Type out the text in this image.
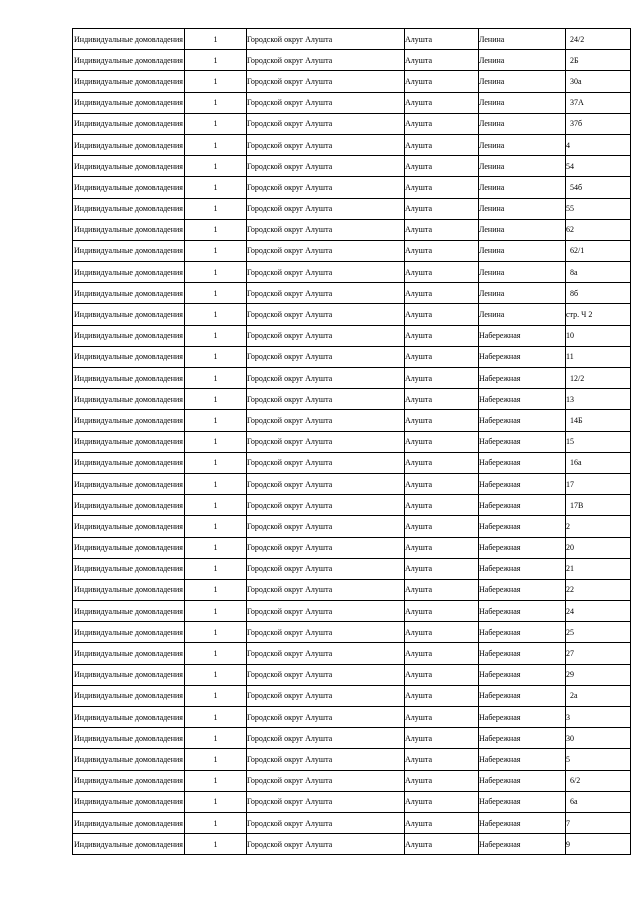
Индивидуальные домовладения	1	Городской округ Алушта	Алушта	Ленина	24/2
Индивидуальные домовладения	1	Городской округ Алушта	Алушта	Ленина	2Б
Индивидуальные домовладения	1	Городской округ Алушта	Алушта	Ленина	30а
Индивидуальные домовладения	1	Городской округ Алушта	Алушта	Ленина	37А
Индивидуальные домовладения	1	Городской округ Алушта	Алушта	Ленина	37б
Индивидуальные домовладения	1	Городской округ Алушта	Алушта	Ленина	4
Индивидуальные домовладения	1	Городской округ Алушта	Алушта	Ленина	54
Индивидуальные домовладения	1	Городской округ Алушта	Алушта	Ленина	54б
Индивидуальные домовладения	1	Городской округ Алушта	Алушта	Ленина	55
Индивидуальные домовладения	1	Городской округ Алушта	Алушта	Ленина	62
Индивидуальные домовладения	1	Городской округ Алушта	Алушта	Ленина	62/1
Индивидуальные домовладения	1	Городской округ Алушта	Алушта	Ленина	8а
Индивидуальные домовладения	1	Городской округ Алушта	Алушта	Ленина	8б
Индивидуальные домовладения	1	Городской округ Алушта	Алушта	Ленина	стр. Ч 2
Индивидуальные домовладения	1	Городской округ Алушта	Алушта	Набережная	10
Индивидуальные домовладения	1	Городской округ Алушта	Алушта	Набережная	11
Индивидуальные домовладения	1	Городской округ Алушта	Алушта	Набережная	12/2
Индивидуальные домовладения	1	Городской округ Алушта	Алушта	Набережная	13
Индивидуальные домовладения	1	Городской округ Алушта	Алушта	Набережная	14Б
Индивидуальные домовладения	1	Городской округ Алушта	Алушта	Набережная	15
Индивидуальные домовладения	1	Городской округ Алушта	Алушта	Набережная	16а
Индивидуальные домовладения	1	Городской округ Алушта	Алушта	Набережная	17
Индивидуальные домовладения	1	Городской округ Алушта	Алушта	Набережная	17В
Индивидуальные домовладения	1	Городской округ Алушта	Алушта	Набережная	2
Индивидуальные домовладения	1	Городской округ Алушта	Алушта	Набережная	20
Индивидуальные домовладения	1	Городской округ Алушта	Алушта	Набережная	21
Индивидуальные домовладения	1	Городской округ Алушта	Алушта	Набережная	22
Индивидуальные домовладения	1	Городской округ Алушта	Алушта	Набережная	24
Индивидуальные домовладения	1	Городской округ Алушта	Алушта	Набережная	25
Индивидуальные домовладения	1	Городской округ Алушта	Алушта	Набережная	27
Индивидуальные домовладения	1	Городской округ Алушта	Алушта	Набережная	29
Индивидуальные домовладения	1	Городской округ Алушта	Алушта	Набережная	2а
Индивидуальные домовладения	1	Городской округ Алушта	Алушта	Набережная	3
Индивидуальные домовладения	1	Городской округ Алушта	Алушта	Набережная	30
Индивидуальные домовладения	1	Городской округ Алушта	Алушта	Набережная	5
Индивидуальные домовладения	1	Городской округ Алушта	Алушта	Набережная	6/2
Индивидуальные домовладения	1	Городской округ Алушта	Алушта	Набережная	6а
Индивидуальные домовладения	1	Городской округ Алушта	Алушта	Набережная	7
Индивидуальные домовладения	1	Городской округ Алушта	Алушта	Набережная	9
